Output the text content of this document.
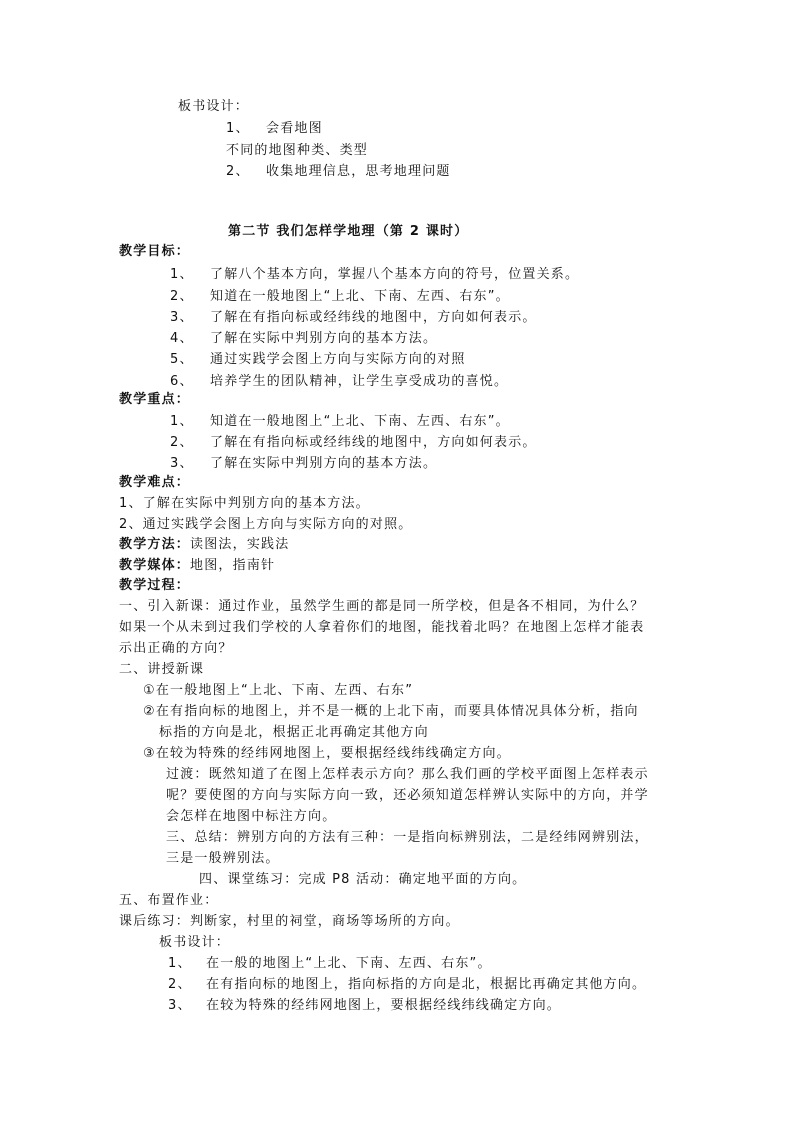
板书设计：
1、 会看地图
不同的地图种类、类型
2、 收集地理信息，思考地理问题
第二节 我们怎样学地理（第 2 课时）
教学目标：
1、 了解八个基本方向，掌握八个基本方向的符号，位置关系。
2、 知道在一般地图上“上北、下南、左西、右东”。
3、 了解在有指向标或经纬线的地图中，方向如何表示。
4、 了解在实际中判别方向的基本方法。
5、 通过实践学会图上方向与实际方向的对照
6、 培养学生的团队精神，让学生享受成功的喜悦。
教学重点：
1、 知道在一般地图上“上北、下南、左西、右东”。
2、 了解在有指向标或经纬线的地图中，方向如何表示。
3、 了解在实际中判别方向的基本方法。
教学难点：
1、了解在实际中判别方向的基本方法。
2、通过实践学会图上方向与实际方向的对照。
教学方法：读图法，实践法
教学媒体：地图，指南针
教学过程：
一、引入新课：通过作业，虽然学生画的都是同一所学校，但是各不相同，为什么？
如果一个从未到过我们学校的人拿着你们的地图，能找着北吗？在地图上怎样才能表
示出正确的方向？
二、讲授新课
①在一般地图上“上北、下南、左西、右东”
②在有指向标的地图上，并不是一概的上北下南，而要具体情况具体分析，指向
标指的方向是北，根据正北再确定其他方向
③在较为特殊的经纬网地图上，要根据经线纬线确定方向。
过渡：既然知道了在图上怎样表示方向？那么我们画的学校平面图上怎样表示
呢？要使图的方向与实际方向一致，还必须知道怎样辨认实际中的方向，并学
会怎样在地图中标注方向。
三、总结：辨别方向的方法有三种：一是指向标辨别法，二是经纬网辨别法，
三是一般辨别法。
四、课堂练习：完成 P8 活动：确定地平面的方向。
五、布置作业：
课后练习：判断家，村里的祠堂，商场等场所的方向。
板书设计：
1、 在一般的地图上“上北、下南、左西、右东”。
2、 在有指向标的地图上，指向标指的方向是北，根据比再确定其他方向。
3、 在较为特殊的经纬网地图上，要根据经线纬线确定方向。
